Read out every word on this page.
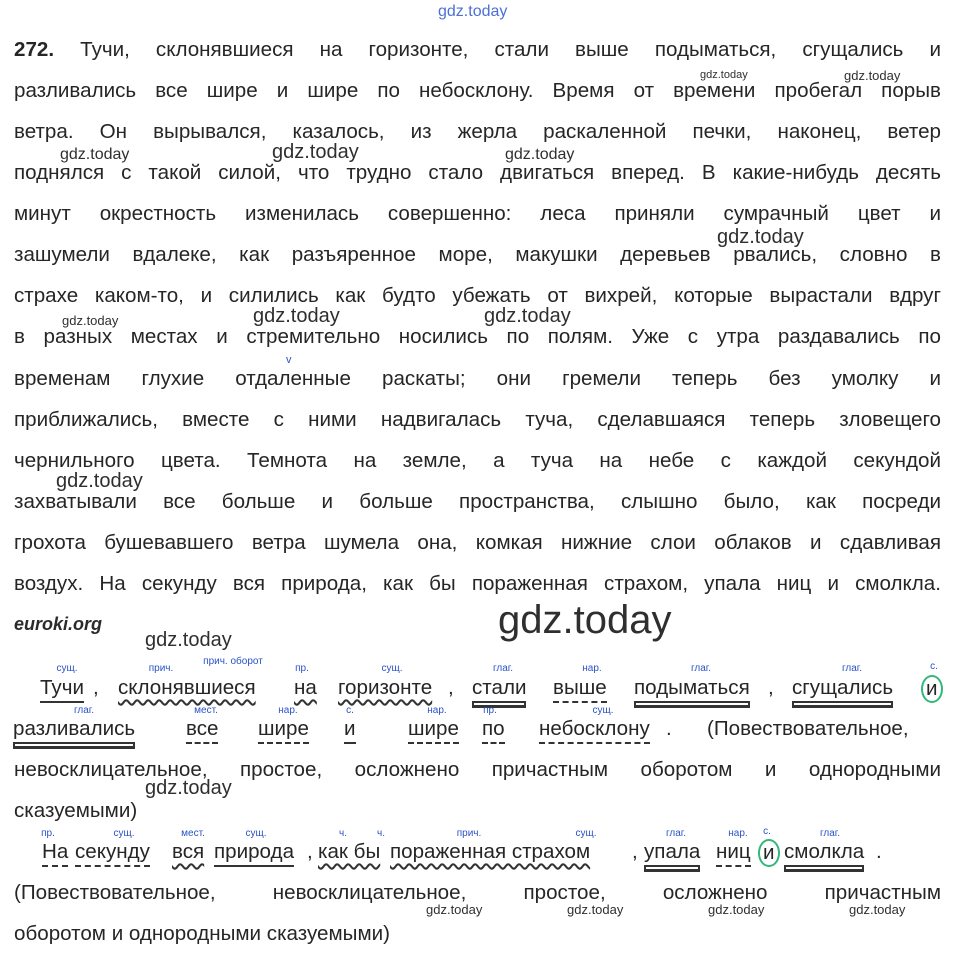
gdz.today
272. Тучи, склонявшиеся на горизонте, стали выше подыматься, сгущались и
разливались все шире и шире по небосклону. Время от времени пробегал порыв
ветра. Он вырывался, казалось, из жерла раскаленной печки, наконец, ветер
поднялся с такой силой, что трудно стало двигаться вперед. В какие-нибудь десять
минут окрестность изменилась совершенно: леса приняли сумрачный цвет и
зашумели вдалеке, как разъяренное море, макушки деревьев рвались, словно в
страхе каком-то, и силились как будто убежать от вихрей, которые вырастали вдруг
в разных местах и стремительно носились по полям. Уже с утра раздавались по
временам глухие отдаленные раскаты; они гремели теперь без умолку и
приближались, вместе с ними надвигалась туча, сделавшаяся теперь зловещего
чернильного цвета. Темнота на земле, а туча на небе с каждой секундой
захватывали все больше и больше пространства, слышно было, как посреди
грохота бушевавшего ветра шумела она, комкая нижние слои облаков и сдавливая
воздух. На секунду вся природа, как бы пораженная страхом, упала ниц и смолкла.
v
gdz.today	gdz.today
gdz.today	gdz.today	gdz.today
gdz.today
gdz.today	gdz.today	gdz.today
gdz.today
gdz.today
gdz.today
gdz.today
gdz.today	gdz.today	gdz.today	gdz.today
euroki.org
сущ.	прич.
прич. оборот
пр.	сущ.	глаг.	нар.	глаг.	глаг.	с.
Тучи , склонявшиеся на горизонте , стали выше подыматься , сгущались и
глаг.	мест.	нар.	с.	нар.	пр.	сущ.
разливались все шире и	шире по небосклону . (Повествовательное,
невосклицательное, простое, осложнено причастным оборотом и однородными
сказуемыми)
пр.	сущ.	мест.	сущ.	ч.	ч.	прич.	сущ.	глаг.	нар. с.	глаг.
На секунду вся природа , как бы пораженная страхом , упала ниц и смолкла .
(Повествовательное, невосклицательное, простое, осложнено причастным
оборотом и однородными сказуемыми)
